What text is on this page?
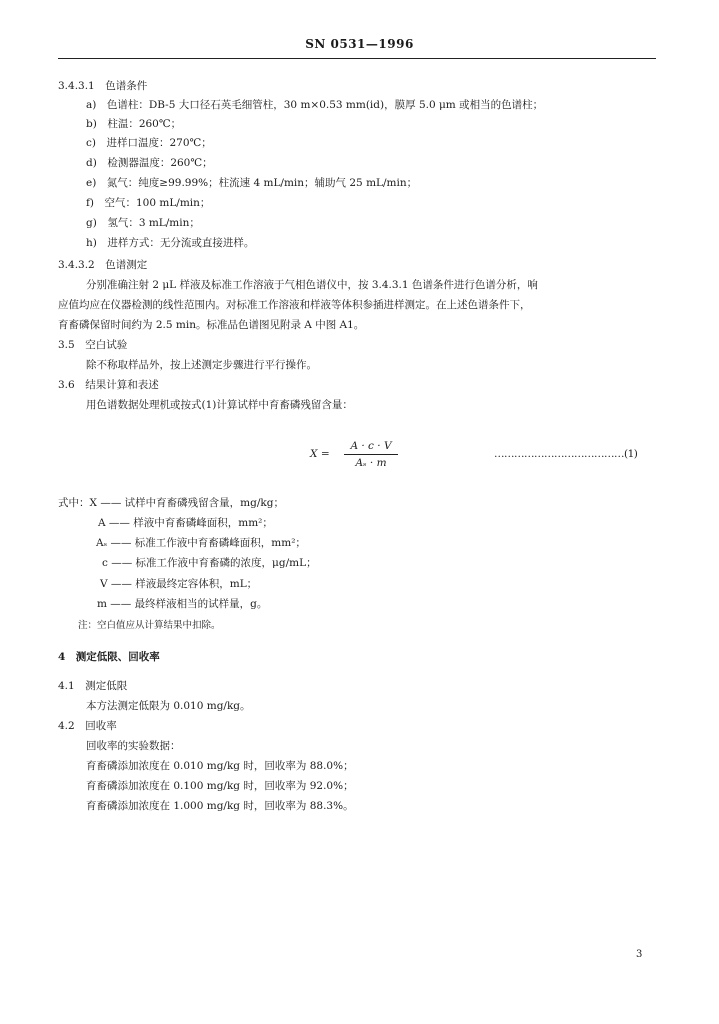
SN 0531—1996
3.4.3.1　色谱条件
a)　色谱柱：DB-5 大口径石英毛细管柱，30 m×0.53 mm(id)，膜厚 5.0 μm 或相当的色谱柱；
b)　柱温：260℃；
c)　进样口温度：270℃；
d)　检测器温度：260℃；
e)　氮气：纯度≥99.99%；柱流速 4 mL/min；辅助气 25 mL/min；
f)　空气：100 mL/min；
g)　氢气：3 mL/min；
h)　进样方式：无分流或直接进样。
3.4.3.2　色谱测定
分别准确注射 2 μL 样液及标准工作溶液于气相色谱仪中，按 3.4.3.1 色谱条件进行色谱分析，响
应值均应在仪器检测的线性范围内。对标准工作溶液和样液等体积参插进样测定。在上述色谱条件下，
育畜磷保留时间约为 2.5 min。标准品色谱图见附录 A 中图 A1。
3.5　空白试验
除不称取样品外，按上述测定步骤进行平行操作。
3.6　结果计算和表述
用色谱数据处理机或按式(1)计算试样中育畜磷残留含量：
X =
A · c · V
Aₛ · m
…………………………………(1)
式中：X —— 试样中育畜磷残留含量，mg/kg；
A —— 样液中育畜磷峰面积，mm²；
Aₛ —— 标准工作液中育畜磷峰面积，mm²；
c —— 标准工作液中育畜磷的浓度，μg/mL；
V —— 样液最终定容体积，mL；
m —— 最终样液相当的试样量，g。
注：空白值应从计算结果中扣除。
4　测定低限、回收率
4.1　测定低限
本方法测定低限为 0.010 mg/kg。
4.2　回收率
回收率的实验数据：
育畜磷添加浓度在 0.010 mg/kg 时，回收率为 88.0%；
育畜磷添加浓度在 0.100 mg/kg 时，回收率为 92.0%；
育畜磷添加浓度在 1.000 mg/kg 时，回收率为 88.3%。
3
